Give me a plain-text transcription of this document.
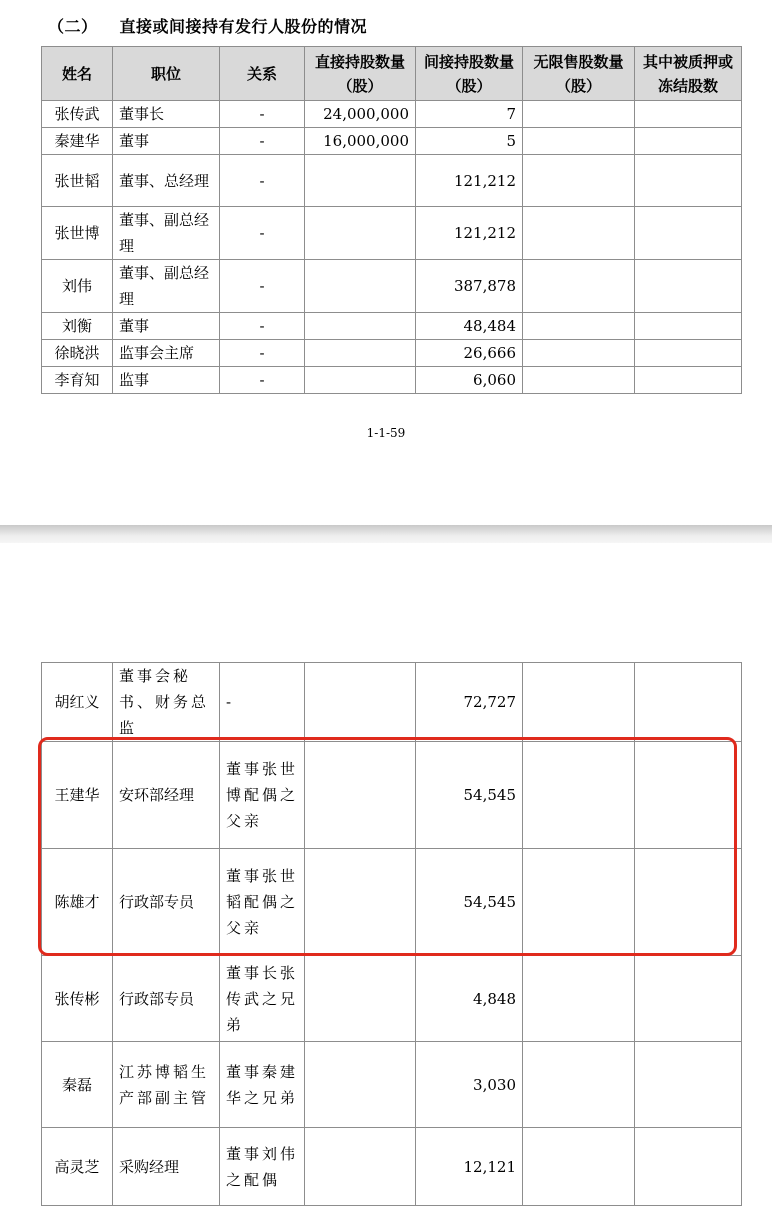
（二） 直接或间接持有发行人股份的情况
姓名	职位	关系	直接持股数量（股）	间接持股数量（股）	无限售股数量（股）	其中被质押或冻结股数
张传武	董事长	-	24,000,000	7		
秦建华	董事	-	16,000,000	5		
张世韬	董事、总经理	-		121,212		
张世博	董事、副总经理	-		121,212		
刘伟	董事、副总经理	-		387,878		
刘衡	董事	-		48,484		
徐晓洪	监事会主席	-		26,666		
李育知	监事	-		6,060		
1-1-59
胡红义	董事会秘书、财务总监	-		72,727		
王建华	安环部经理	董事张世博配偶之父亲		54,545		
陈雄才	行政部专员	董事张世韬配偶之父亲		54,545		
张传彬	行政部专员	董事长张传武之兄弟		4,848		
秦磊	江苏博韬生产部副主管	董事秦建华之兄弟		3,030		
高灵芝	采购经理	董事刘伟之配偶		12,121		
